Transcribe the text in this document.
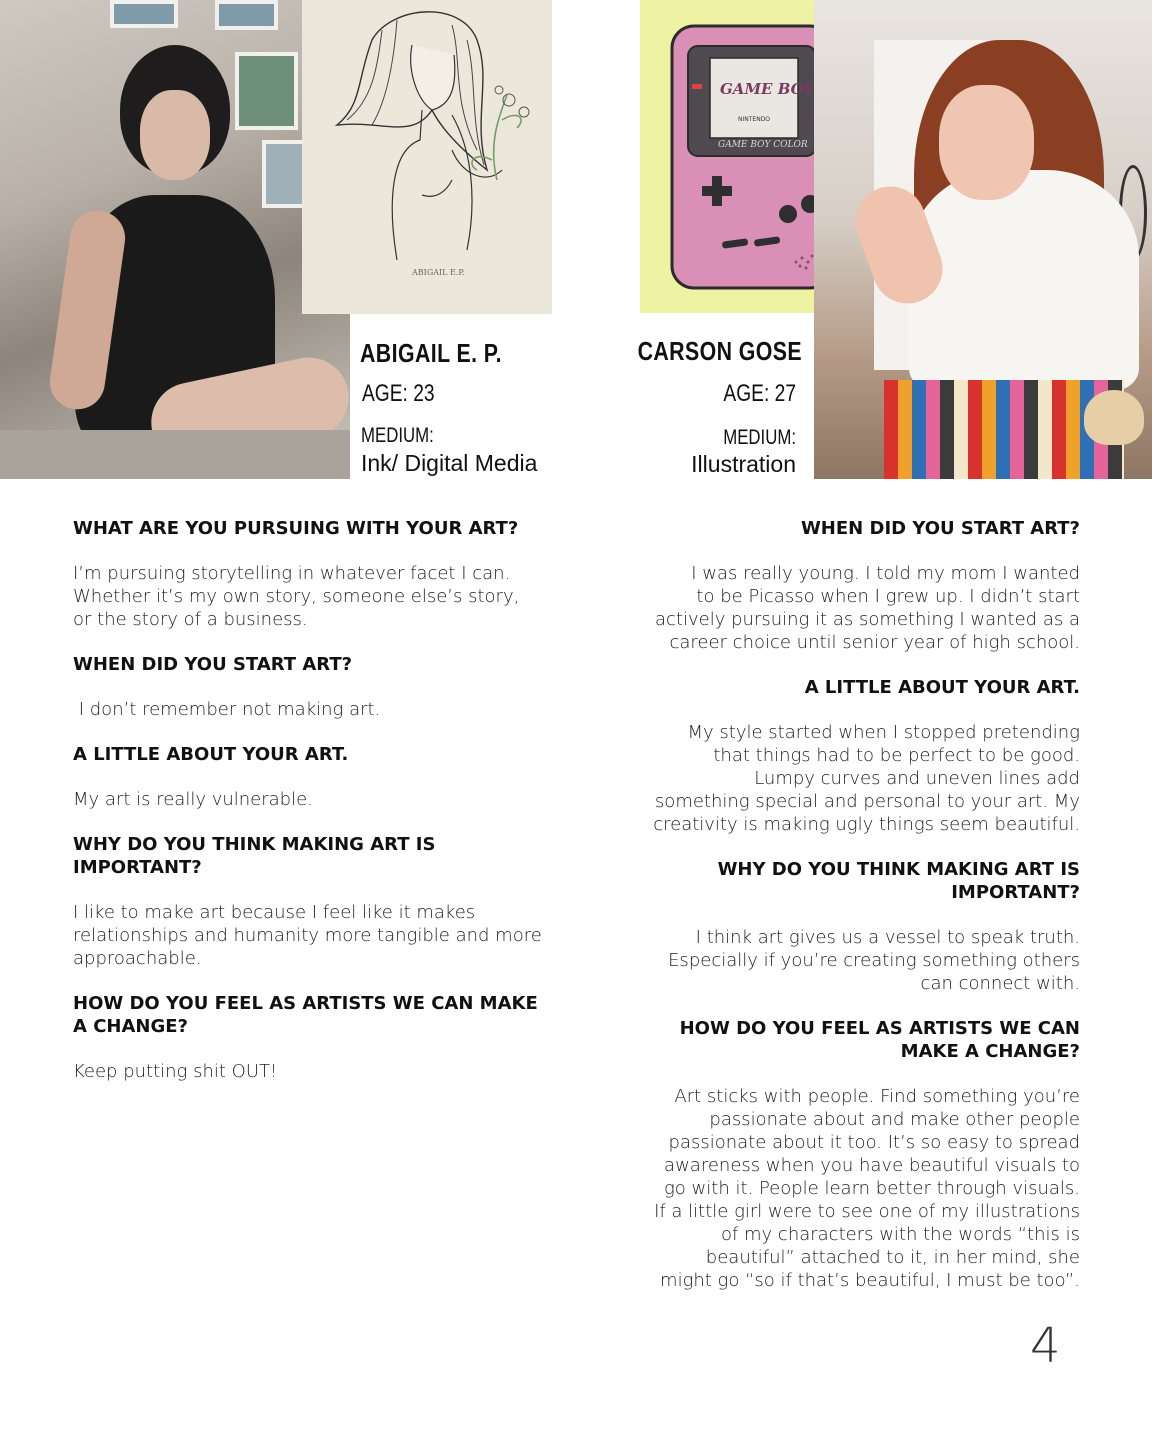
ABIGAIL E.P.
ABIGAIL E. P.
AGE: 23
MEDIUM:
Ink/ Digital Media
GAME BOY
NINTENDO
GAME BOY COLOR
CARSON GOSE
AGE: 27
MEDIUM:
Illustration

WHAT ARE YOU PURSUING WITH YOUR ART?

I’m pursuing storytelling in whatever facet I can. Whether it’s my own story, someone else’s story, or the story of a business.

WHEN DID YOU START ART?

I don’t remember not making art.

A LITTLE ABOUT YOUR ART.

My art is really vulnerable.

WHY DO YOU THINK MAKING ART IS IMPORTANT?

I like to make art because I feel like it makes relationships and humanity more tangible and more approachable.

HOW DO YOU FEEL AS ARTISTS WE CAN MAKE A CHANGE?

Keep putting shit OUT!

WHEN DID YOU START ART?

I was really young. I told my mom I wanted
to be Picasso when I grew up. I didn’t start
actively pursuing it as something I wanted as a
career choice until senior year of high school.

A LITTLE ABOUT YOUR ART.

My style started when I stopped pretending
that things had to be perfect to be good.
Lumpy curves and uneven lines add
something special and personal to your art. My
creativity is making ugly things seem beautiful.

WHY DO YOU THINK MAKING ART IS
IMPORTANT?

I think art gives us a vessel to speak truth.
Especially if you’re creating something others
can connect with.

HOW DO YOU FEEL AS ARTISTS WE CAN
MAKE A CHANGE?

Art sticks with people. Find something you’re
passionate about and make other people
passionate about it too. It’s so easy to spread
awareness when you have beautiful visuals to
go with it. People learn better through visuals.
If a little girl were to see one of my illustrations
of my characters with the words “this is
beautiful” attached to it, in her mind, she
might go “so if that’s beautiful, I must be too”.

4
